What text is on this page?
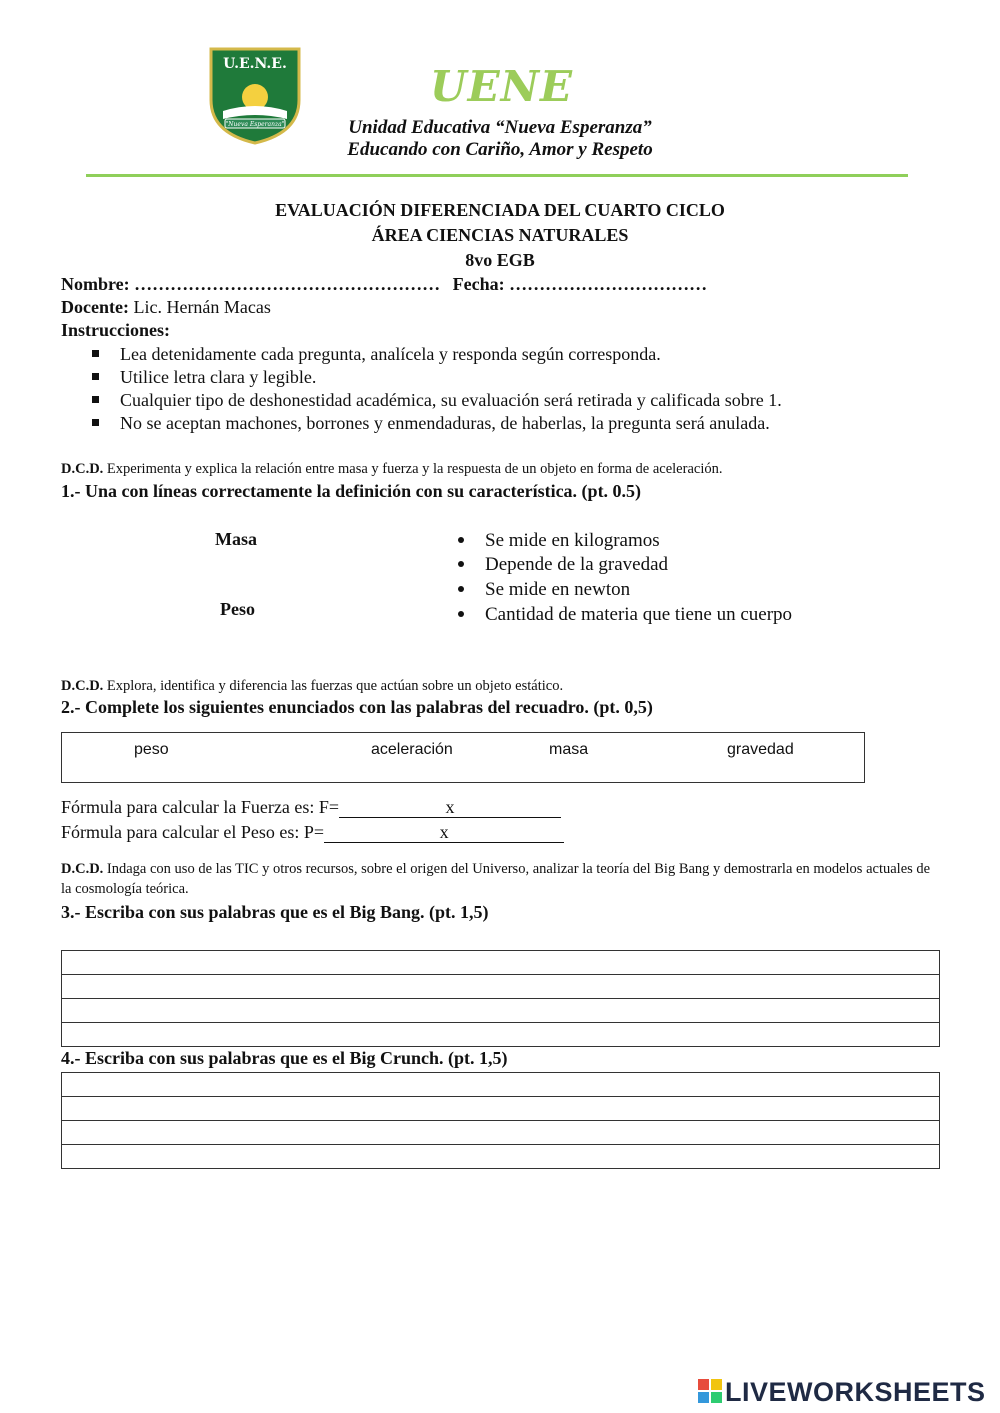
U.E.N.E.
"Nueva Esperanza"
UENE
Unidad Educativa “Nueva Esperanza”
Educando con Cariño, Amor y Respeto
EVALUACIÓN DIFERENCIADA DEL CUARTO CICLO
ÁREA CIENCIAS NATURALES
8vo EGB
Nombre: …………………………………………… Fecha: ……………………………
Docente: Lic. Hernán Macas
Instrucciones:
Lea detenidamente cada pregunta, analícela y responda según corresponda.
Utilice letra clara y legible.
Cualquier tipo de deshonestidad académica, su evaluación será retirada y calificada sobre 1.
No se aceptan machones, borrones y enmendaduras, de haberlas, la pregunta será anulada.
D.C.D. Experimenta y explica la relación entre masa y fuerza y la respuesta de un objeto en forma de aceleración.
1.- Una con líneas correctamente la definición con su característica. (pt. 0.5)
Masa
Peso
Se mide en kilogramos
Depende de la gravedad
Se mide en newton
Cantidad de materia que tiene un cuerpo
D.C.D. Explora, identifica y diferencia las fuerzas que actúan sobre un objeto estático.
2.- Complete los siguientes enunciados con las palabras del recuadro. (pt. 0,5)
peso	aceleración	masa	gravedad
Fórmula para calcular la Fuerza es: F=	x
Fórmula para calcular el Peso es: P=	x
D.C.D. Indaga con uso de las TIC y otros recursos, sobre el origen del Universo, analizar la teoría del Big Bang y demostrarla en modelos actuales de la cosmología teórica.
3.- Escriba con sus palabras que es el Big Bang. (pt. 1,5)
4.- Escriba con sus palabras que es el Big Crunch. (pt. 1,5)
LIVEWORKSHEETS
